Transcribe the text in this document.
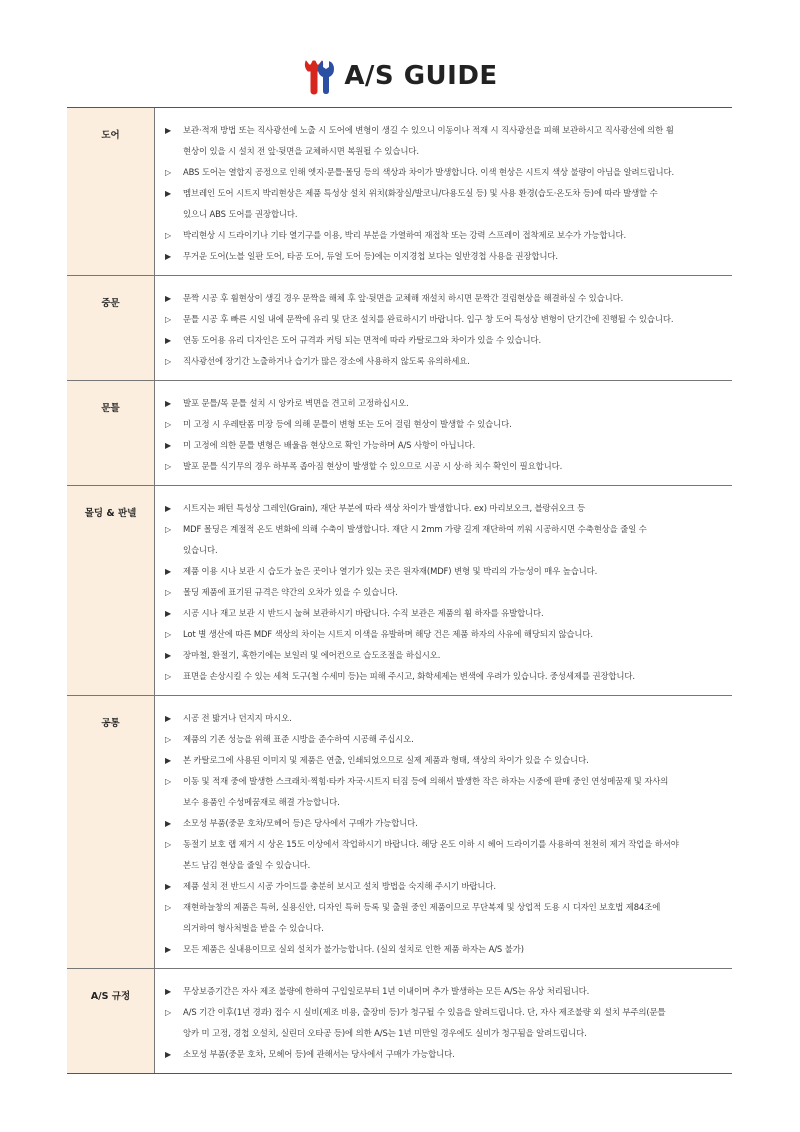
A/S GUIDE
도어	▶	보관·적재 방법 또는 직사광선에 노출 시 도어에 변형이 생길 수 있으니 이동이나 적재 시 직사광선을 피해 보관하시고 직사광선에 의한 휨
현상이 있을 시 설치 전 앞·뒷면을 교체하시면 복원될 수 있습니다.
▷	ABS 도어는 열합지 공정으로 인해 엣지·문틀·몰딩 등의 색상과 차이가 발생합니다. 이색 현상은 시트지 색상 불량이 아님을 알려드립니다.
▶	멤브레인 도어 시트지 박리현상은 제품 특성상 설치 위치(화장실/발코니/다용도실 등) 및 사용 환경(습도·온도차 등)에 따라 발생할 수
있으니 ABS 도어를 권장합니다.
▷	박리현상 시 드라이기나 기타 열기구를 이용, 박리 부분을 가열하여 재접착 또는 강력 스프레이 접착제로 보수가 가능합니다.
▶	무거운 도어(노블 일판 도어, 타공 도어, 듀얼 도어 등)에는 이지경첩 보다는 일반경첩 사용을 권장합니다.
중문	▶	문짝 시공 후 휨현상이 생길 경우 문짝을 해체 후 앞·뒷면을 교체해 재설치 하시면 문짝간 걸림현상을 해결하실 수 있습니다.
▷	문틀 시공 후 빠른 시일 내에 문짝에 유리 및 단조 설치를 완료하시기 바랍니다. 입구 창 도어 특성상 변형이 단기간에 진행될 수 있습니다.
▶	연동 도어용 유리 디자인은 도어 규격과 커팅 되는 면적에 따라 카탈로그와 차이가 있을 수 있습니다.
▷	직사광선에 장기간 노출하거나 습기가 많은 장소에 사용하지 않도록 유의하세요.
문틀	▶	발포 문틀/목 문틀 설치 시 앙카로 벽면을 견고히 고정하십시오.
▷	미 고정 시 우레탄폼 미장 등에 의해 문틀이 변형 또는 도어 걸림 현상이 발생할 수 있습니다.
▶	미 고정에 의한 문틀 변형은 배울음 현상으로 확인 가능하며 A/S 사항이 아닙니다.
▷	발포 문틀 식기무의 경우 하부폭 좁아짐 현상이 발생할 수 있으므로 시공 시 상·하 치수 확인이 필요합니다.
몰딩 & 판넬	▶	시트지는 패턴 특성상 그레인(Grain), 재단 부분에 따라 색상 차이가 발생합니다. ex) 마리보오크, 블랑쉬오크 등
▷	MDF 몰딩은 계절적 온도 변화에 의해 수축이 발생합니다. 재단 시 2mm 가량 길게 재단하여 끼워 시공하시면 수축현상을 줄일 수
있습니다.
▶	제품 이용 시나 보관 시 습도가 높은 곳이나 열기가 있는 곳은 원자재(MDF) 변형 및 박리의 가능성이 매우 높습니다.
▷	몰딩 제품에 표기된 규격은 약간의 오차가 있을 수 있습니다.
▶	시공 시나 재고 보관 시 반드시 눕혀 보관하시기 바랍니다. 수직 보관은 제품의 휨 하자를 유발합니다.
▷	Lot 별 생산에 따른 MDF 색상의 차이는 시트지 이색을 유발하며 해당 건은 제품 하자의 사유에 해당되지 않습니다.
▶	장마철, 환절기, 혹한기에는 보일러 및 에어컨으로 습도조절을 하십시오.
▷	표면을 손상시킬 수 있는 세척 도구(철 수세미 등)는 피해 주시고, 화학세제는 변색에 우려가 있습니다. 중성세제를 권장합니다.
공통	▶	시공 전 밟거나 던지지 마시오.
▷	제품의 기존 성능을 위해 표준 시방을 준수하여 시공해 주십시오.
▶	본 카탈로그에 사용된 이미지 및 제품은 연출, 인쇄되었으므로 실제 제품과 형태, 색상의 차이가 있을 수 있습니다.
▷	이동 및 적재 중에 발생한 스크래치·찍힘·타카 자국·시트지 터짐 등에 의해서 발생한 작은 하자는 시중에 판매 중인 연성메꿈재 및 자사의
보수 용품인 수성메꿈재로 해결 가능합니다.
▶	소모성 부품(중문 호차/모헤어 등)은 당사에서 구매가 가능합니다.
▷	동절기 보호 랩 제거 시 상온 15도 이상에서 작업하시기 바랍니다. 해당 온도 이하 시 헤어 드라이기를 사용하여 천천히 제거 작업을 하셔야
본드 남김 현상을 줄일 수 있습니다.
▶	제품 설치 전 반드시 시공 가이드를 충분히 보시고 설치 방법을 숙지해 주시기 바랍니다.
▷	재현하늘창의 제품은 특허, 실용신안, 디자인 특허 등록 및 출원 중인 제품이므로 무단복제 및 상업적 도용 시 디자인 보호법 제84조에
의거하여 형사처벌을 받을 수 있습니다.
▶	모든 제품은 실내용이므로 실외 설치가 불가능합니다. (실외 설치로 인한 제품 하자는 A/S 불가)
A/S 규정	▶	무상보증기간은 자사 제조 불량에 한하여 구입일로부터 1년 이내이며 추가 발생하는 모든 A/S는 유상 처리됩니다.
▷	A/S 기간 이후(1년 경과) 접수 시 실비(제조 비용, 출장비 등)가 청구될 수 있음을 알려드립니다. 단, 자사 제조불량 외 설치 부주의(문틀
앙카 미 고정, 경첩 오설치, 실린더 오타공 등)에 의한 A/S는 1년 미만일 경우에도 실비가 청구됨을 알려드립니다.
▶	소모성 부품(중문 호차, 모헤어 등)에 관해서는 당사에서 구매가 가능합니다.
